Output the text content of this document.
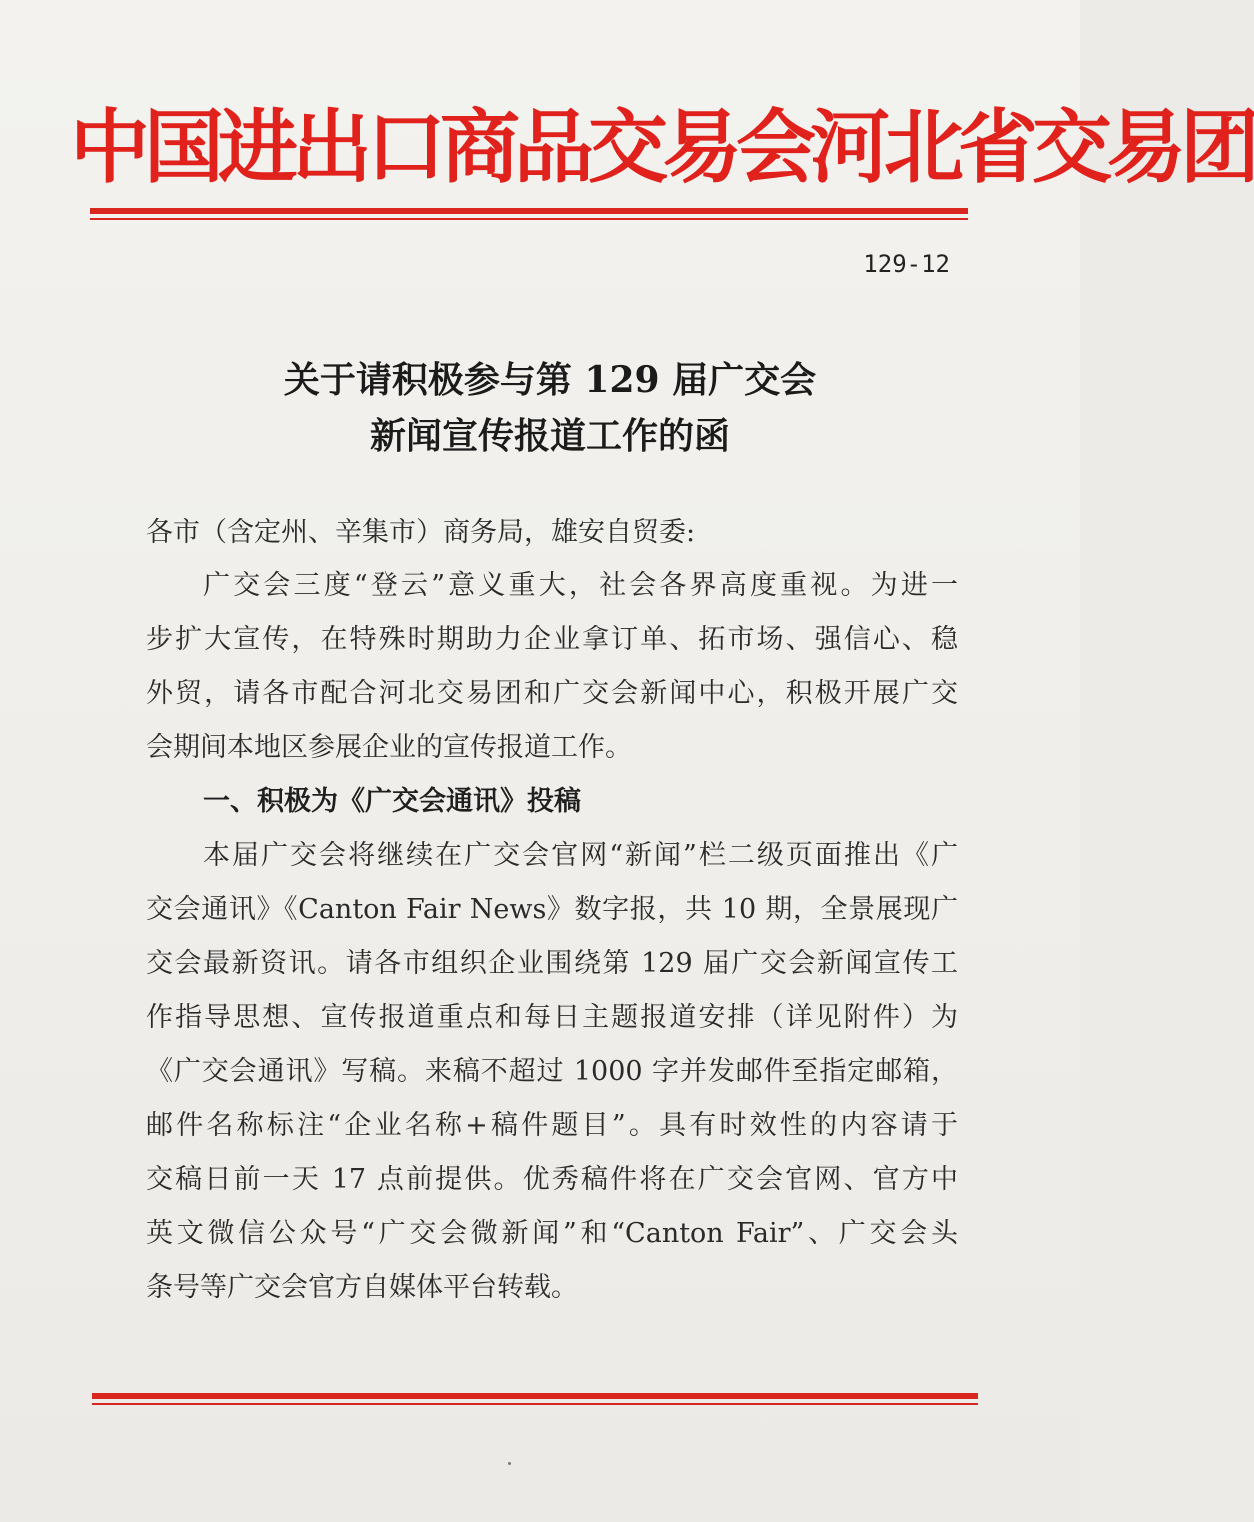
中国进出口商品交易会河北省交易团
129-12
关于请积极参与第 129 届广交会
新闻宣传报道工作的函
各市（含定州、辛集市）商务局，雄安自贸委:
广交会三度“登云”意义重大，社会各界高度重视。为进一
步扩大宣传，在特殊时期助力企业拿订单、拓市场、强信心、稳
外贸，请各市配合河北交易团和广交会新闻中心，积极开展广交
会期间本地区参展企业的宣传报道工作。
一、积极为《广交会通讯》投稿
本届广交会将继续在广交会官网“新闻”栏二级页面推出《广
交会通讯》《Canton Fair News》数字报，共 10 期，全景展现广
交会最新资讯。请各市组织企业围绕第 129 届广交会新闻宣传工
作指导思想、宣传报道重点和每日主题报道安排（详见附件）为
《广交会通讯》写稿。来稿不超过 1000 字并发邮件至指定邮箱，
邮件名称标注“企业名称+稿件题目”。具有时效性的内容请于
交稿日前一天 17 点前提供。优秀稿件将在广交会官网、官方中
英文微信公众号“广交会微新闻”和“Canton Fair”、广交会头
条号等广交会官方自媒体平台转载。
